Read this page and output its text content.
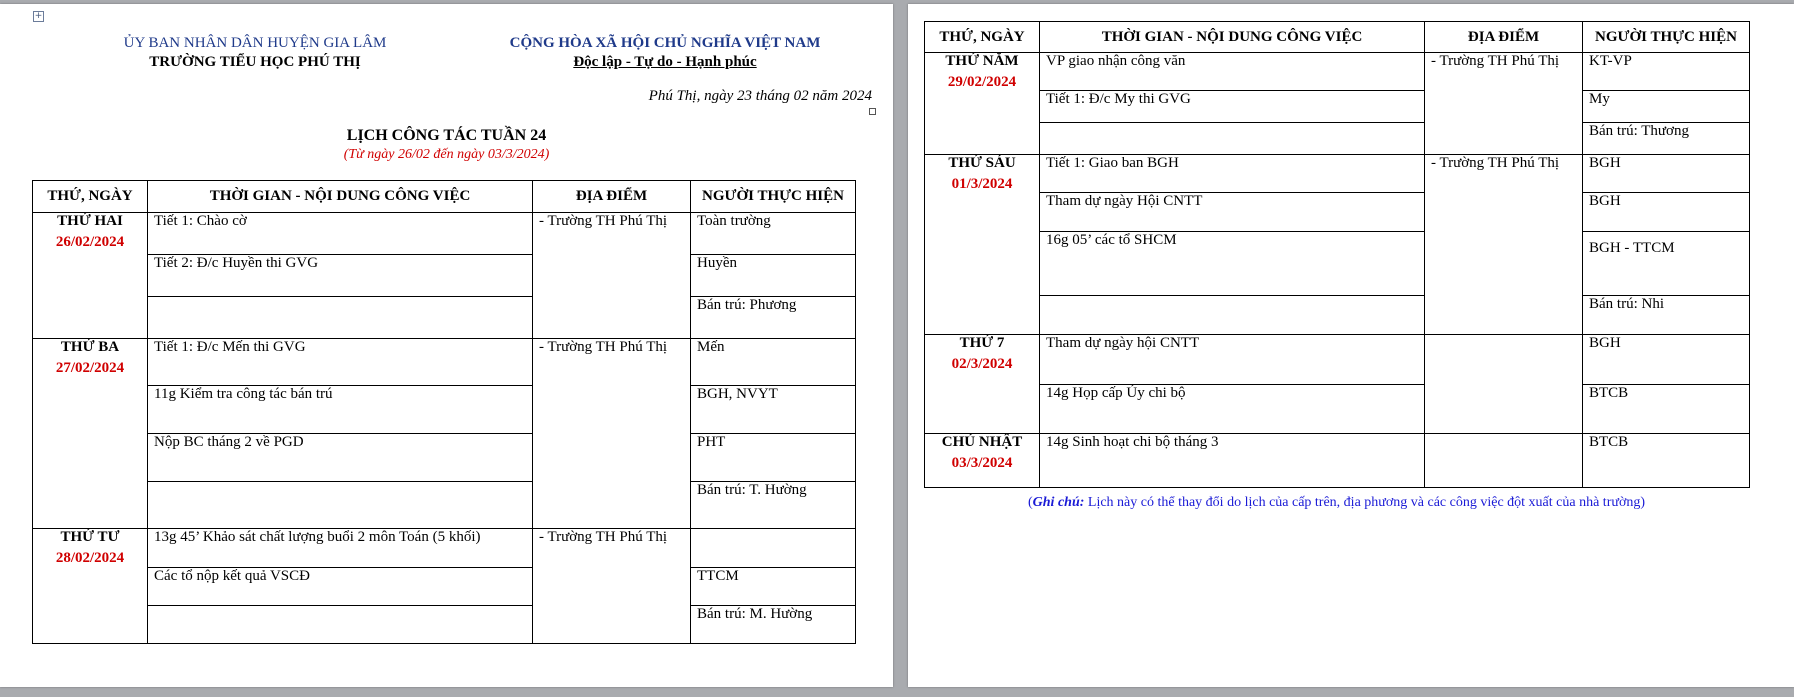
+
ỦY BAN NHÂN DÂN HUYỆN GIA LÂM
TRƯỜNG TIỂU HỌC PHÚ THỊ
CỘNG HÒA XÃ HỘI CHỦ NGHĨA VIỆT NAM
Độc lập - Tự do - Hạnh phúc
Phú Thị, ngày 23 tháng 02 năm 2024
LỊCH CÔNG TÁC TUẦN 24
(Từ ngày 26/02 đến ngày 03/3/2024)
THỨ, NGÀY	THỜI GIAN - NỘI DUNG CÔNG VIỆC	ĐỊA ĐIỂM	NGƯỜI THỰC HIỆN

THỨ HAI
26/02/2024	Tiết 1: Chào cờ	- Trường TH Phú Thị	Toàn trường
	Tiết 2: Đ/c Huyền thi GVG		Huyền
			Bán trú: Phương

THỨ BA
27/02/2024	Tiết 1: Đ/c Mến thi GVG	- Trường TH Phú Thị	Mến
	11g Kiểm tra công tác bán trú		BGH, NVYT
	Nộp BC tháng 2 về PGD		PHT
			Bán trú: T. Hường

THỨ TƯ
28/02/2024	13g 45’ Khảo sát chất lượng buổi 2 môn Toán (5 khối)	- Trường TH Phú Thị	
	Các tổ nộp kết quả VSCĐ		TTCM
			Bán trú: M. Hường
THỨ, NGÀY	THỜI GIAN - NỘI DUNG CÔNG VIỆC	ĐỊA ĐIỂM	NGƯỜI THỰC HIỆN

THỨ NĂM
29/02/2024	VP giao nhận công văn	- Trường TH Phú Thị	KT-VP
	Tiết 1: Đ/c My thi GVG		My
			Bán trú: Thương

THỨ SÁU
01/3/2024	Tiết 1: Giao ban BGH	- Trường TH Phú Thị	BGH
	Tham dự ngày Hội CNTT		BGH
	16g 05’ các tổ SHCM		BGH - TTCM
			Bán trú: Nhi

THỨ 7
02/3/2024	Tham dự ngày hội CNTT		BGH
	14g Họp cấp Ủy chi bộ		BTCB

CHỦ NHẬT
03/3/2024	14g Sinh hoạt chi bộ tháng 3		BTCB
(Ghi chú: Lịch này có thể thay đổi do lịch của cấp trên, địa phương và các công việc đột xuất của nhà trường)
